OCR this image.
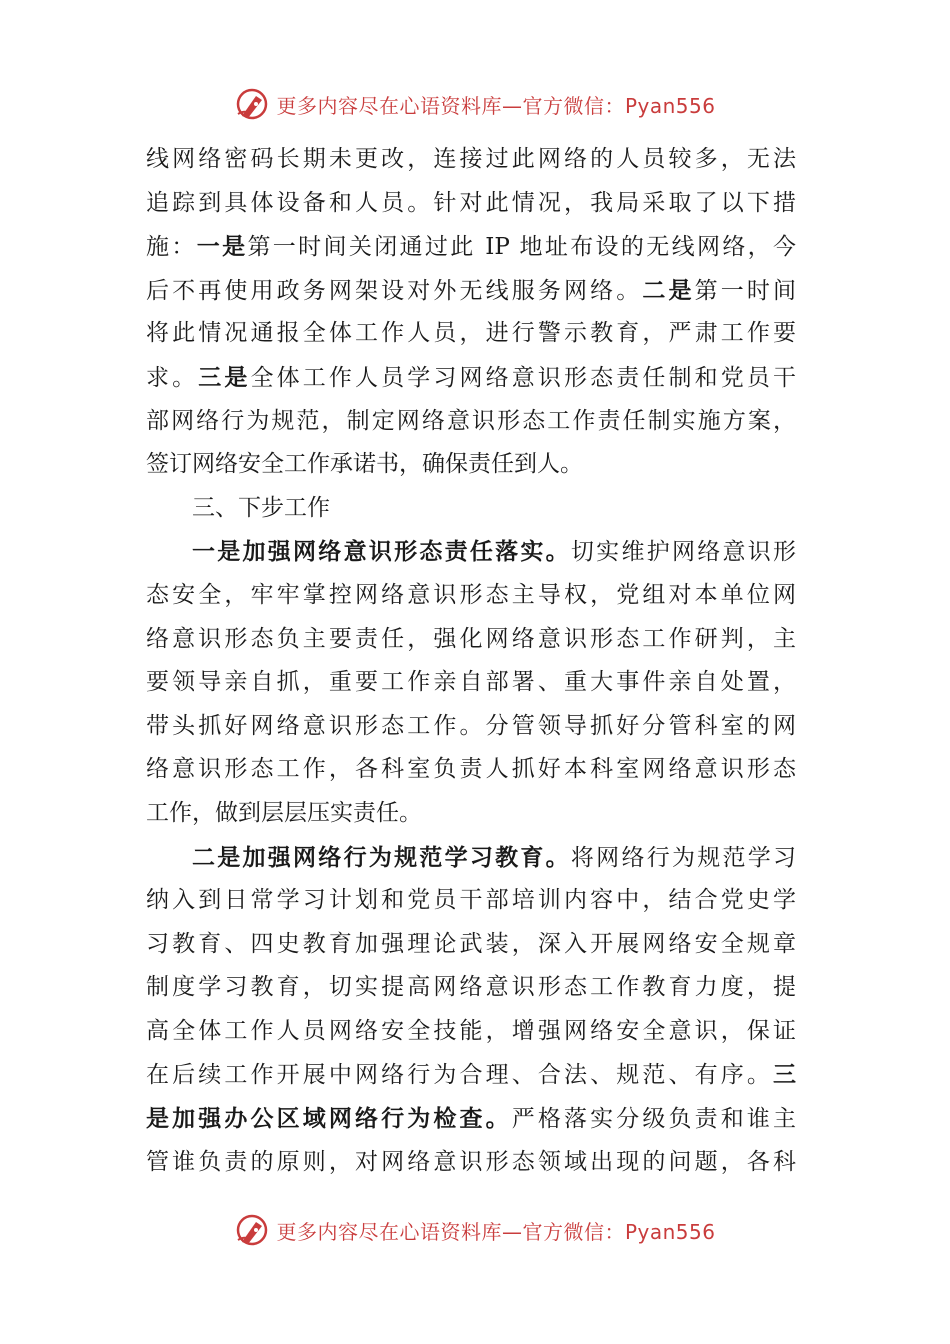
更多内容尽在心语资料库—官方微信：Pyan556
线网络密码长期未更改，连接过此网络的人员较多，无法
追踪到具体设备和人员。针对此情况，我局采取了以下措
施：一是第一时间关闭通过此 IP 地址布设的无线网络，今
后不再使用政务网架设对外无线服务网络。二是第一时间
将此情况通报全体工作人员，进行警示教育，严肃工作要
求。三是全体工作人员学习网络意识形态责任制和党员干
部网络行为规范，制定网络意识形态工作责任制实施方案，
签订网络安全工作承诺书，确保责任到人。
三、下步工作
一是加强网络意识形态责任落实。切实维护网络意识形
态安全，牢牢掌控网络意识形态主导权，党组对本单位网
络意识形态负主要责任，强化网络意识形态工作研判，主
要领导亲自抓，重要工作亲自部署、重大事件亲自处置，
带头抓好网络意识形态工作。分管领导抓好分管科室的网
络意识形态工作，各科室负责人抓好本科室网络意识形态
工作，做到层层压实责任。
二是加强网络行为规范学习教育。将网络行为规范学习
纳入到日常学习计划和党员干部培训内容中，结合党史学
习教育、四史教育加强理论武装，深入开展网络安全规章
制度学习教育，切实提高网络意识形态工作教育力度，提
高全体工作人员网络安全技能，增强网络安全意识，保证
在后续工作开展中网络行为合理、合法、规范、有序。三
是加强办公区域网络行为检查。严格落实分级负责和谁主
管谁负责的原则，对网络意识形态领域出现的问题，各科
更多内容尽在心语资料库—官方微信：Pyan556
